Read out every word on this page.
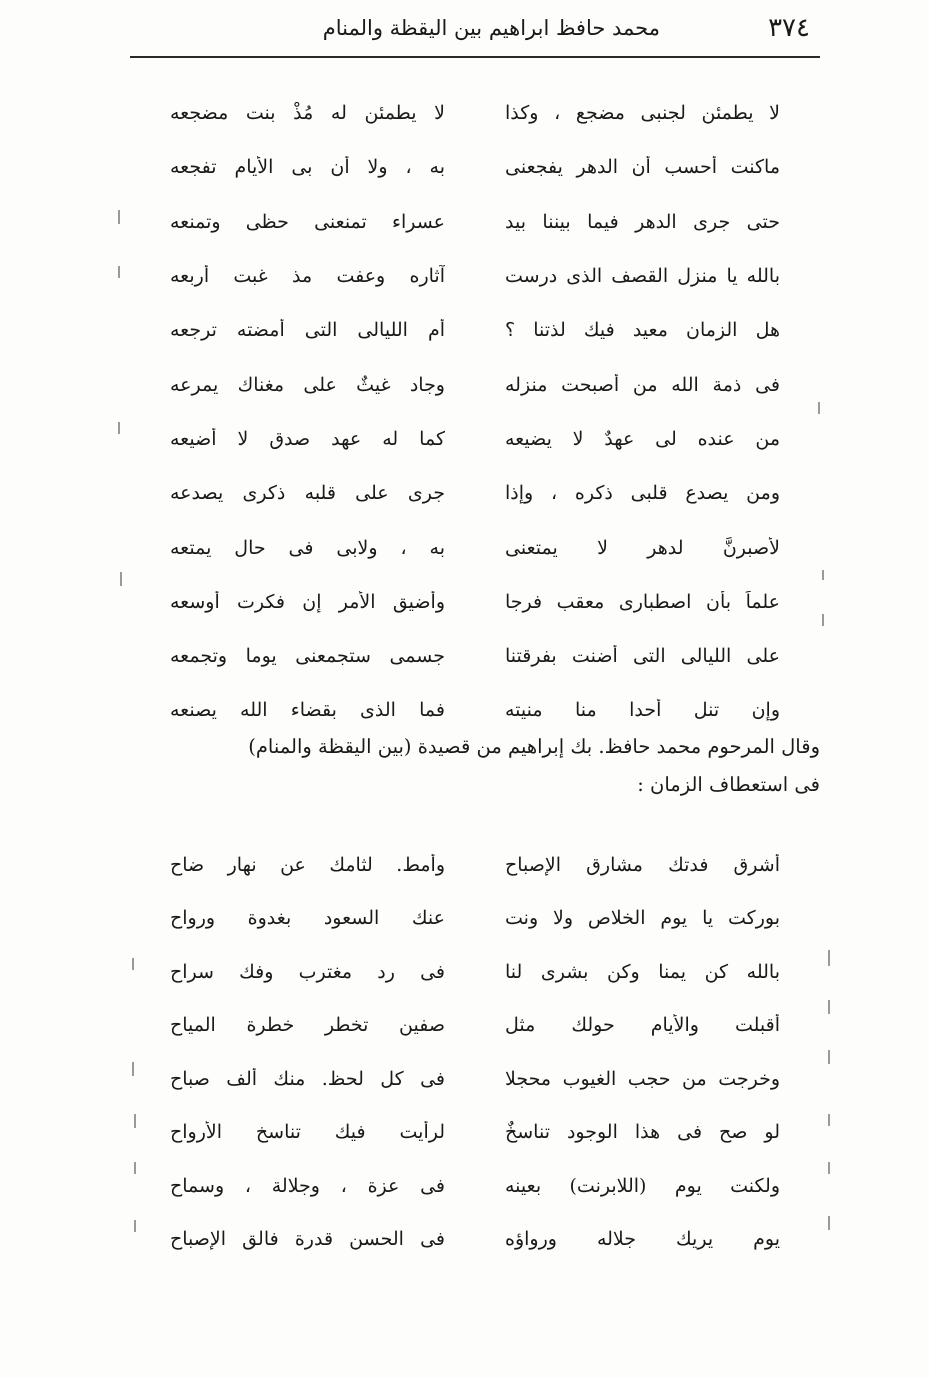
٣٧٤
محمد حافظ ابراهيم بين اليقظة والمنام
لا يطمئن لجنبى مضجع ، وكذا
لا يطمئن له مُذْ بنت مضجعه
ماكنت أحسب أن الدهر يفجعنى
به ، ولا أن بى الأيام تفجعه
حتى جرى الدهر فيما بيننا بيد
عسراء تمنعنى حظى وتمنعه
بالله يا منزل القصف الذى درست
آثاره وعفت مذ غبت أربعه
هل الزمان معيد فيك لذتنا ؟
أم الليالى التى أمضته ترجعه
فى ذمة الله من أصبحت منزله
وجاد غيثٌ على مغناك يمرعه
من عنده لى عهدٌ لا يضيعه
كما له عهد صدق لا أضيعه
ومن يصدع قلبى ذكره ، وإذا
جرى على قلبه ذكرى يصدعه
لأصبرنَّ لدهر لا يمتعنى
به ، ولابى فى حال يمتعه
علماً بأن اصطبارى معقب فرجا
وأضيق الأمر إن فكرت أوسعه
على الليالى التى أضنت بفرقتنا
جسمى ستجمعنى يوما وتجمعه
وإن تنل أحدا منا منيته
فما الذى بقضاء الله يصنعه
وقال المرحوم محمد حافظ. بك إبراهيم من قصيدة (بين اليقظة والمنام)
فى استعطاف الزمان :
أشرق فدتك مشارق الإصباح
وأمط. لثامك عن نهار ضاح
بوركت يا يوم الخلاص ولا ونت
عنك السعود بغدوة ورواح
بالله كن يمنا وكن بشرى لنا
فى رد مغترب وفك سراح
أقبلت والأيام حولك مثل
صفين تخطر خطرة المياح
وخرجت من حجب الغيوب محجلا
فى كل لحظ. منك ألف صباح
لو صح فى هذا الوجود تناسخٌ
لرأيت فيك تناسخ الأرواح
ولكنت يوم (اللابرنت) بعينه
فى عزة ، وجلالة ، وسماح
يوم يريك جلاله ورواؤه
فى الحسن قدرة فالق الإصباح
